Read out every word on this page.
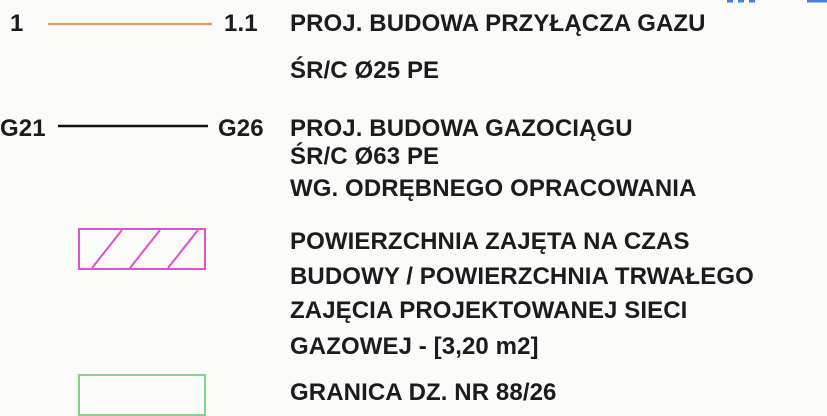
1	1.1 PROJ. BUDOWA PRZYŁĄCZA GAZU
ŚR/C Ø25 PE
G21	G26 PROJ. BUDOWA GAZOCIĄGU
ŚR/C Ø63 PE
WG. ODRĘBNEGO OPRACOWANIA
POWIERZCHNIA ZAJĘTA NA CZAS
BUDOWY / POWIERZCHNIA TRWAŁEGO
ZAJĘCIA PROJEKTOWANEJ SIECI
GAZOWEJ - [3,20 m2]
GRANICA DZ. NR 88/26
